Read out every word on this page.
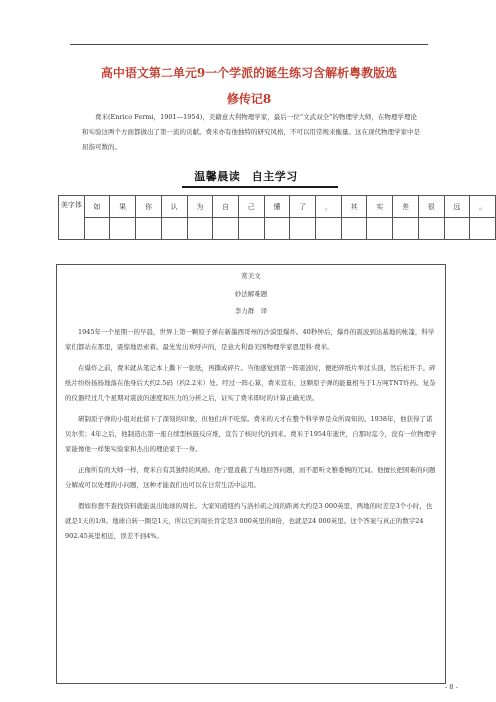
高中语文第二单元9一个学派的诞生练习含解析粤教版选
修传记8
费米(Enrico Fermi，1901—1954)，美籍意大利物理学家，最后一位“文武双全”的物理学大师，在物理学理论和实验这两个方面都做出了第一流的贡献。费米亦有他独特的研究风格，不可以用常规来衡量。这在现代物理学家中是屈指可数的。
温馨晨读　自主学习
美字体	如	果	你	认	为	自	己	懂	了	，	其	实	差	很	远	。

赏美文
妙法解难题
李力群　译

1945年一个星期一的早晨，世界上第一颗原子弹在新墨西哥州的沙漠里爆炸。40秒钟后，爆炸的震波到达基地的帐篷，科学家们都站在那里，震惊地思索着。最先发出欢呼声的，是意大利裔美国物理学家恩里科·费米。

在爆炸之前，费米就从笔记本上撕下一张纸，再撕成碎片。当他感觉到第一阵震波时，便把碎纸片举过头顶，然后松开手。碎纸片纷纷扬扬地落在他身后大约2.5码（约2.2米）处。经过一阵心算，费米宣布，这颗原子弹的能量相当于1万吨TNT炸药。复杂的仪器经过几个星期对震波的速度和压力的分析之后，证实了费米即时的计算正确无误。

研制原子弹的小组对此留下了深刻的印象，但他们并不吃惊。费米的天才在整个科学界是众所周知的。1938年，他获得了诺贝尔奖；4年之后，他制造出第一座自续型核链反应堆，宣告了核时代的到来。费米于1954年逝世，自那时迄今，没有一位物理学家能像他一样集实验家和杰出的理论家于一身。

正像所有的大师一样，费米自有其独特的风格。他宁愿直截了当地回答问题，而不愿听文雅委婉的冗词。他擅长把困难的问题分解成可以处理的小问题，这种才能我们也可以在日常生活中运用。

假如你想不查找资料就能说出地球的周长。大家知道纽约与洛杉矶之间的距离大约是3 000英里，两地的时差是3个小时，也就是1天的1/8。地球自转一圈是1天，所以它的周长肯定是3 000英里的8倍，也就是24 000英里。这个答案与真正的数字24 902.45英里相近，误差不到4%。

- 8 -
